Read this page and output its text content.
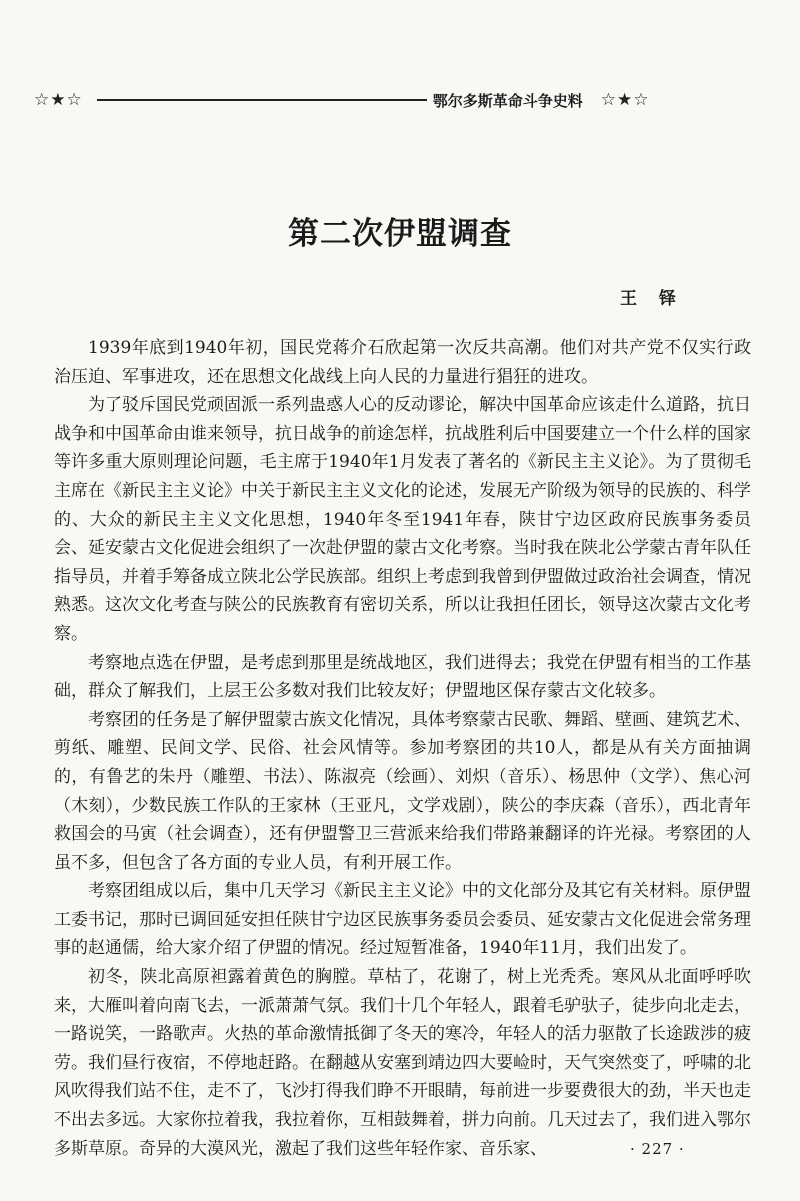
☆★☆	鄂尔多斯革命斗争史料 ☆★☆
第二次伊盟调查
王 铎

1939年底到1940年初，国民党蒋介石欣起第一次反共高潮。他们对共产党不仅实行政治压迫、军事进攻，还在思想文化战线上向人民的力量进行猖狂的进攻。

为了驳斥国民党顽固派一系列蛊惑人心的反动谬论，解决中国革命应该走什么道路，抗日战争和中国革命由谁来领导，抗日战争的前途怎样，抗战胜利后中国要建立一个什么样的国家等许多重大原则理论问题，毛主席于1940年1月发表了著名的《新民主主义论》。为了贯彻毛主席在《新民主主义论》中关于新民主主义文化的论述，发展无产阶级为领导的民族的、科学的、大众的新民主主义文化思想，1940年冬至1941年春，陕甘宁边区政府民族事务委员会、延安蒙古文化促进会组织了一次赴伊盟的蒙古文化考察。当时我在陕北公学蒙古青年队任指导员，并着手筹备成立陕北公学民族部。组织上考虑到我曾到伊盟做过政治社会调查，情况熟悉。这次文化考查与陕公的民族教育有密切关系，所以让我担任团长，领导这次蒙古文化考察。

考察地点选在伊盟，是考虑到那里是统战地区，我们进得去；我党在伊盟有相当的工作基础，群众了解我们，上层王公多数对我们比较友好；伊盟地区保存蒙古文化较多。

考察团的任务是了解伊盟蒙古族文化情况，具体考察蒙古民歌、舞蹈、壁画、建筑艺术、剪纸、雕塑、民间文学、民俗、社会风情等。参加考察团的共10人，都是从有关方面抽调的，有鲁艺的朱丹（雕塑、书法）、陈淑亮（绘画）、刘炽（音乐）、杨思仲（文学）、焦心河（木刻），少数民族工作队的王家林（王亚凡，文学戏剧），陕公的李庆森（音乐），西北青年救国会的马寅（社会调查），还有伊盟警卫三营派来给我们带路兼翻译的许光禄。考察团的人虽不多，但包含了各方面的专业人员，有利开展工作。

考察团组成以后，集中几天学习《新民主主义论》中的文化部分及其它有关材料。原伊盟工委书记，那时已调回延安担任陕甘宁边区民族事务委员会委员、延安蒙古文化促进会常务理事的赵通儒，给大家介绍了伊盟的情况。经过短暂准备，1940年11月，我们出发了。

初冬，陕北高原袒露着黄色的胸膛。草枯了，花谢了，树上光秃秃。寒风从北面呼呼吹来，大雁叫着向南飞去，一派萧萧气氛。我们十几个年轻人，跟着毛驴驮子，徒步向北走去，一路说笑，一路歌声。火热的革命激情抵御了冬天的寒冷，年轻人的活力驱散了长途跋涉的疲劳。我们昼行夜宿，不停地赶路。在翻越从安塞到靖边四大要崄时，天气突然变了，呼啸的北风吹得我们站不住，走不了，飞沙打得我们睁不开眼睛，每前进一步要费很大的劲，半天也走不出去多远。大家你拉着我，我拉着你，互相鼓舞着，拼力向前。几天过去了，我们进入鄂尔多斯草原。奇异的大漠风光，激起了我们这些年轻作家、音乐家、	· 227 ·
